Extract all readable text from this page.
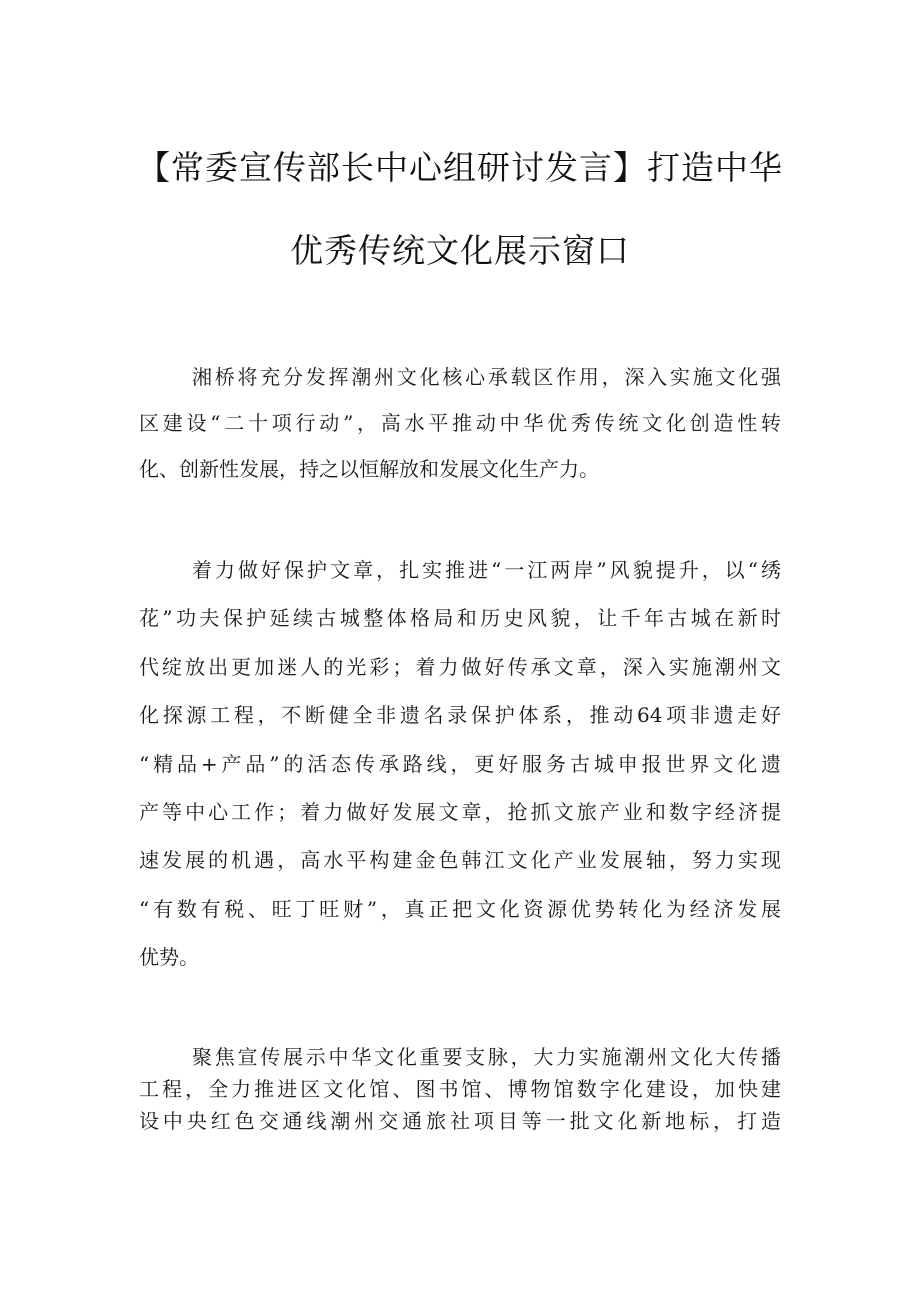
【常委宣传部长中心组研讨发言】打造中华
优秀传统文化展示窗口
湘桥将充分发挥潮州文化核心承载区作用，深入实施文化强
区建设“二十项行动”，高水平推动中华优秀传统文化创造性转
化、创新性发展，持之以恒解放和发展文化生产力。
着力做好保护文章，扎实推进“一江两岸”风貌提升，以“绣
花”功夫保护延续古城整体格局和历史风貌，让千年古城在新时
代绽放出更加迷人的光彩；着力做好传承文章，深入实施潮州文
化探源工程，不断健全非遗名录保护体系，推动64项非遗走好
“精品+产品”的活态传承路线，更好服务古城申报世界文化遗
产等中心工作；着力做好发展文章，抢抓文旅产业和数字经济提
速发展的机遇，高水平构建金色韩江文化产业发展轴，努力实现
“有数有税、旺丁旺财”，真正把文化资源优势转化为经济发展
优势。
聚焦宣传展示中华文化重要支脉，大力实施潮州文化大传播
工程，全力推进区文化馆、图书馆、博物馆数字化建设，加快建
设中央红色交通线潮州交通旅社项目等一批文化新地标，打造
